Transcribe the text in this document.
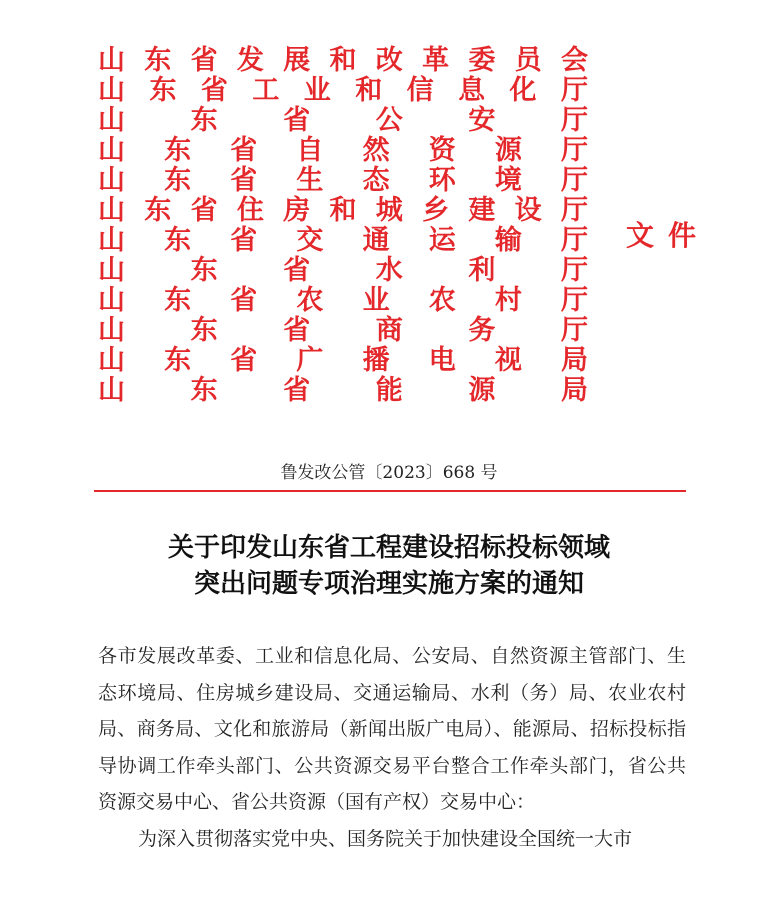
山 东 省 发 展 和 改 革 委 员 会
山 东 省 工 业 和 信 息 化 厅
山 东 省 公 安 厅
山 东 省 自 然 资 源 厅
山 东 省 生 态 环 境 厅
山 东 省 住 房 和 城 乡 建 设 厅
山 东 省 交 通 运 输 厅
山 东 省 水 利 厅
山 东 省 农 业 农 村 厅
山 东 省 商 务 厅
山 东 省 广 播 电 视 局
山 东 省 能 源 局
文件
鲁发改公管〔2023〕668 号
关于印发山东省工程建设招标投标领域
突出问题专项治理实施方案的通知

各市发展改革委、工业和信息化局、公安局、自然资源主管部门、生态环境局、住房城乡建设局、交通运输局、水利（务）局、农业农村局、商务局、文化和旅游局（新闻出版广电局）、能源局、招标投标指导协调工作牵头部门、公共资源交易平台整合工作牵头部门，省公共资源交易中心、省公共资源（国有产权）交易中心：

为深入贯彻落实党中央、国务院关于加快建设全国统一大市
